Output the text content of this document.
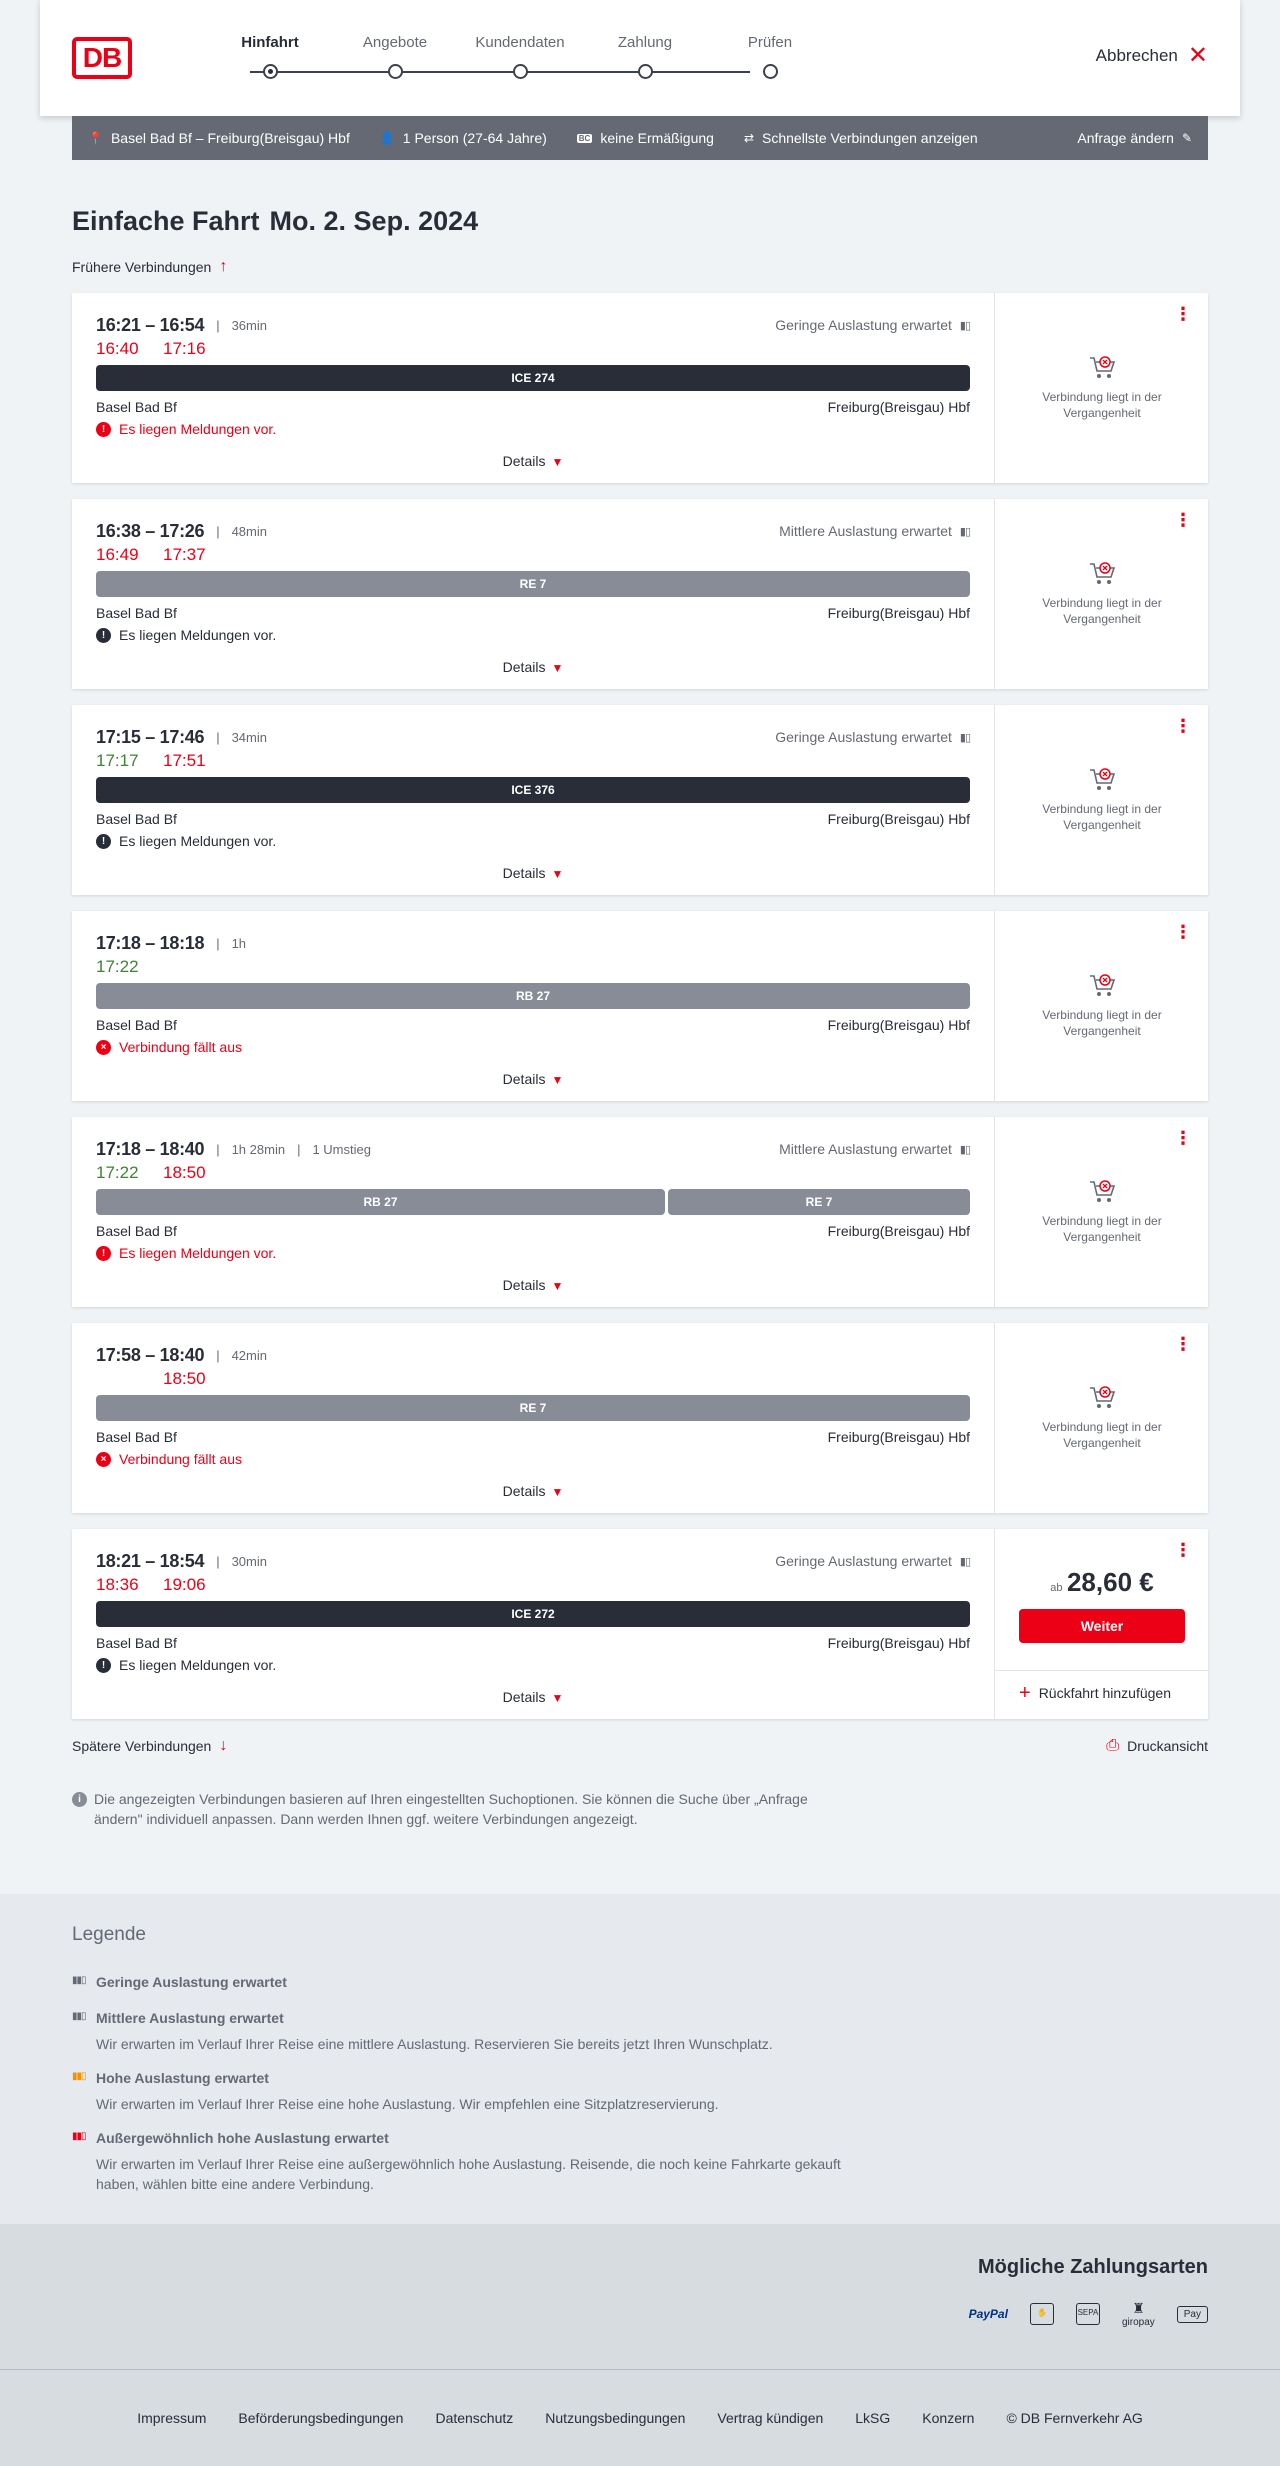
DB	Hinfahrt	Angebote	Kundendaten	Zahlung	Prüfen
Abbrechen ✕
📍 Basel Bad Bf – Freiburg(Breisgau) Hbf	👤 1 Person (27-64 Jahre)	BC keine Ermäßigung	⇄ Schnellste Verbindungen anzeigen	Anfrage ändern ✎
Einfache Fahrt Mo. 2. Sep. 2024
Frühere Verbindungen ↑
16:21 – 16:54 | 36min
16:40 17:16
Geringe Auslastung erwartet ▮▯
ICE 274
Basel Bad Bf	Freiburg(Breisgau) Hbf
! Es liegen Meldungen vor.
Details ▼
⋮
Verbindung liegt in der Vergangenheit
16:38 – 17:26 | 48min
16:49 17:37
Mittlere Auslastung erwartet ▮▯
RE 7
Basel Bad Bf	Freiburg(Breisgau) Hbf
! Es liegen Meldungen vor.
Details ▼
⋮
Verbindung liegt in der Vergangenheit
17:15 – 17:46 | 34min
17:17 17:51
Geringe Auslastung erwartet ▮▯
ICE 376
Basel Bad Bf	Freiburg(Breisgau) Hbf
! Es liegen Meldungen vor.
Details ▼
⋮
Verbindung liegt in der Vergangenheit
17:18 – 18:18 | 1h
17:22
RB 27
Basel Bad Bf	Freiburg(Breisgau) Hbf
× Verbindung fällt aus
Details ▼
⋮
Verbindung liegt in der Vergangenheit
17:18 – 18:40 | 1h 28min | 1 Umstieg
17:22 18:50
Mittlere Auslastung erwartet ▮▯
RB 27	RE 7
Basel Bad Bf	Freiburg(Breisgau) Hbf
! Es liegen Meldungen vor.
Details ▼
⋮
Verbindung liegt in der Vergangenheit
17:58 – 18:40 | 42min
18:50
RE 7
Basel Bad Bf	Freiburg(Breisgau) Hbf
× Verbindung fällt aus
Details ▼
⋮
Verbindung liegt in der Vergangenheit
18:21 – 18:54 | 30min
18:36 19:06
Geringe Auslastung erwartet ▮▯
ICE 272
Basel Bad Bf	Freiburg(Breisgau) Hbf
! Es liegen Meldungen vor.
Details ▼
⋮
ab 28,60 €
Weiter
+ Rückfahrt hinzufügen
Spätere Verbindungen ↓	⎙ Druckansicht
i Die angezeigten Verbindungen basieren auf Ihren eingestellten Suchoptionen. Sie können die Suche über „Anfrage ändern" individuell anpassen. Dann werden Ihnen ggf. weitere Verbindungen angezeigt.
Legende
▮▮▯ Geringe Auslastung erwartet
▮▮▯ Mittlere Auslastung erwartet
Wir erwarten im Verlauf Ihrer Reise eine mittlere Auslastung. Reservieren Sie bereits jetzt Ihren Wunschplatz.
▮▮▯ Hohe Auslastung erwartet
Wir erwarten im Verlauf Ihrer Reise eine hohe Auslastung. Wir empfehlen eine Sitzplatzreservierung.
▮▮▯ Außergewöhnlich hohe Auslastung erwartet
Wir erwarten im Verlauf Ihrer Reise eine außergewöhnlich hohe Auslastung. Reisende, die noch keine Fahrkarte gekauft haben, wählen bitte eine andere Verbindung.
Mögliche Zahlungsarten
PayPal	✋	SEPA	♜
giropay
Pay
Impressum Beförderungsbedingungen Datenschutz Nutzungsbedingungen Vertrag kündigen LkSG Konzern © DB Fernverkehr AG
